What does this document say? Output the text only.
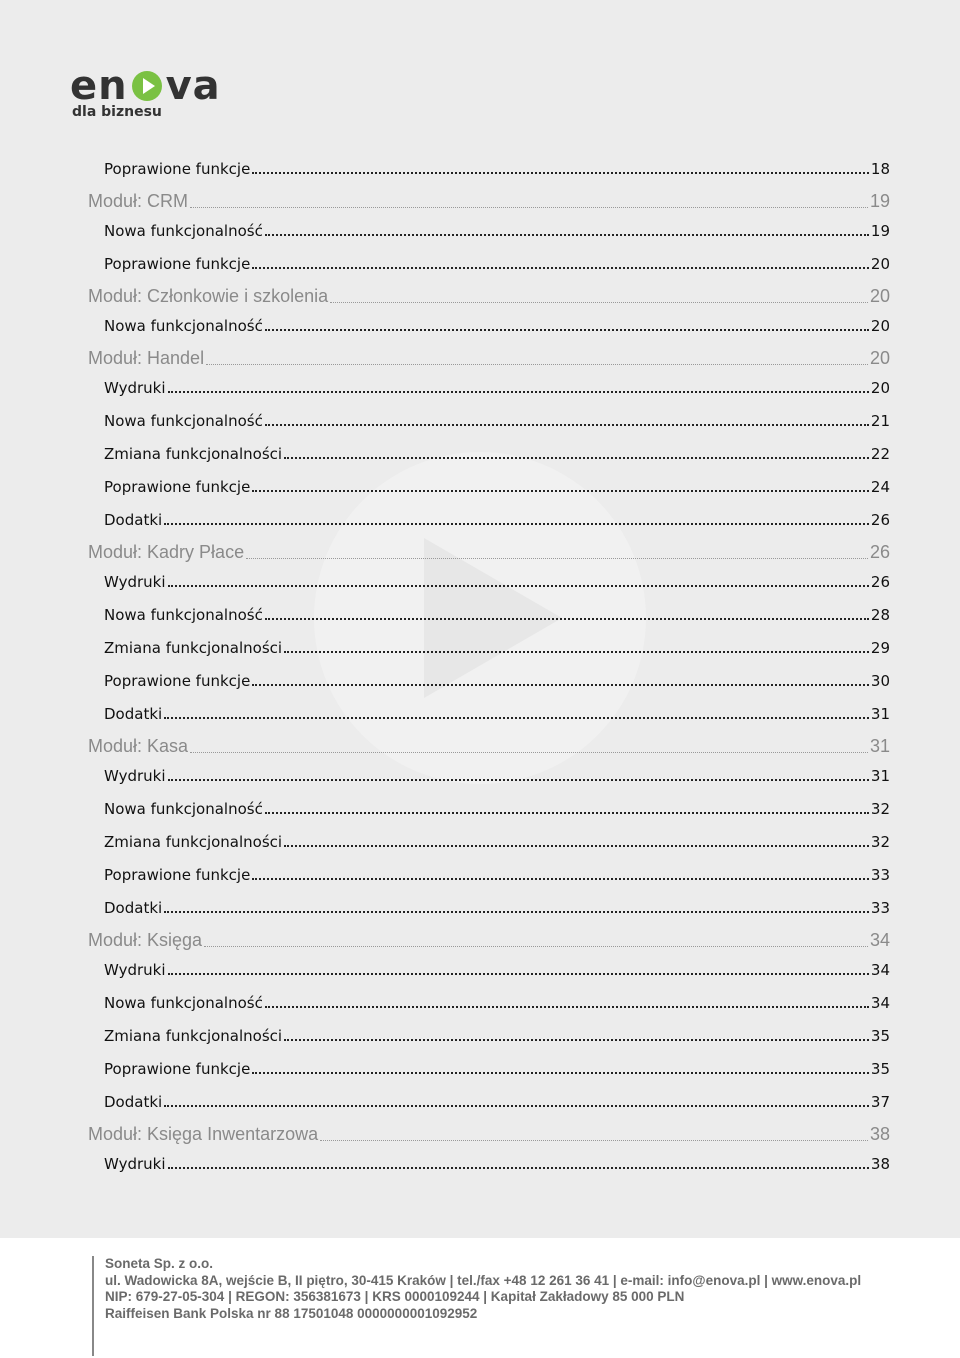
en va
dla biznesu
Poprawione funkcje	18
Moduł: CRM	19
Nowa funkcjonalność	19
Poprawione funkcje	20
Moduł: Członkowie i szkolenia	20
Nowa funkcjonalność	20
Moduł: Handel	20
Wydruki	20
Nowa funkcjonalność	21
Zmiana funkcjonalności	22
Poprawione funkcje	24
Dodatki	26
Moduł: Kadry Płace	26
Wydruki	26
Nowa funkcjonalność	28
Zmiana funkcjonalności	29
Poprawione funkcje	30
Dodatki	31
Moduł: Kasa	31
Wydruki	31
Nowa funkcjonalność	32
Zmiana funkcjonalności	32
Poprawione funkcje	33
Dodatki	33
Moduł: Księga	34
Wydruki	34
Nowa funkcjonalność	34
Zmiana funkcjonalności	35
Poprawione funkcje	35
Dodatki	37
Moduł: Księga Inwentarzowa	38
Wydruki	38
Soneta Sp. z o.o.
ul. Wadowicka 8A, wejście B, II piętro, 30-415 Kraków | tel./fax +48 12 261 36 41 | e-mail: info@enova.pl | www.enova.pl
NIP: 679-27-05-304 | REGON: 356381673 | KRS 0000109244 | Kapitał Zakładowy 85 000 PLN
Raiffeisen Bank Polska nr 88 17501048 0000000001092952
